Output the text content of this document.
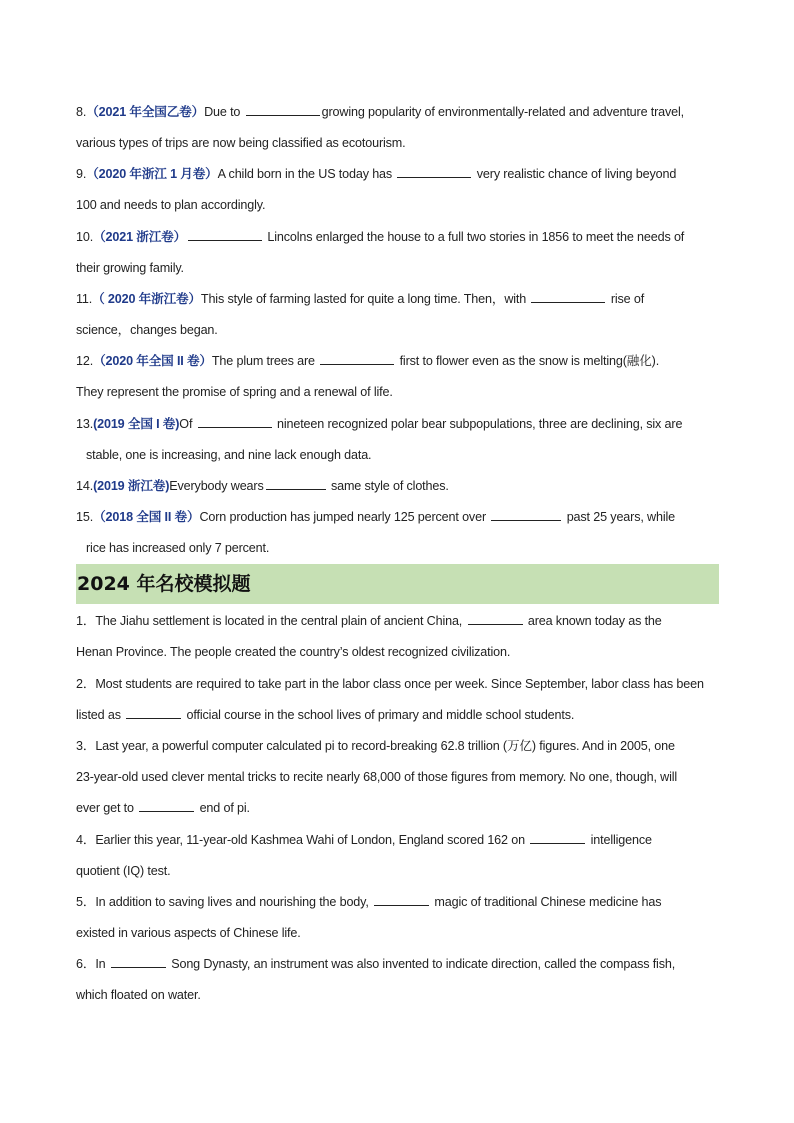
8.（2021 年全国乙卷）Due to	growing popularity of environmentally-related and adventure travel,
various types of trips are now being classified as ecotourism.
9.（2020 年浙江 1 月卷）A child born in the US today has	very realistic chance of living beyond
100 and needs to plan accordingly.
10.（2021 浙江卷）	Lincolns enlarged the house to a full two stories in 1856 to meet the needs of
their growing family.
11.（ 2020 年浙江卷）This style of farming lasted for quite a long time. Then，with	rise of
science，changes began.
12.（2020 年全国 II 卷）The plum trees are	first to flower even as the snow is melting(融化).
They represent the promise of spring and a renewal of life.
13.(2019 全国 I 卷)Of	nineteen recognized polar bear subpopulations, three are declining, six are
stable, one is increasing, and nine lack enough data.
14.(2019 浙江卷)Everybody wears	same style of clothes.
15.（2018 全国 II 卷）Corn production has jumped nearly 125 percent over	past 25 years, while
rice has increased only 7 percent.
2024 年名校模拟题
1．The Jiahu settlement is located in the central plain of ancient China,	area known today as the
Henan Province. The people created the country’s oldest recognized civilization.
2．Most students are required to take part in the labor class once per week. Since September, labor class has been
listed as	official course in the school lives of primary and middle school students.
3．Last year, a powerful computer calculated pi to record-breaking 62.8 trillion (万亿) figures. And in 2005, one
23-year-old used clever mental tricks to recite nearly 68,000 of those figures from memory. No one, though, will
ever get to	end of pi.
4．Earlier this year, 11-year-old Kashmea Wahi of London, England scored 162 on	intelligence
quotient (IQ) test.
5．In addition to saving lives and nourishing the body,	magic of traditional Chinese medicine has
existed in various aspects of Chinese life.
6．In	Song Dynasty, an instrument was also invented to indicate direction, called the compass fish,
which floated on water.
